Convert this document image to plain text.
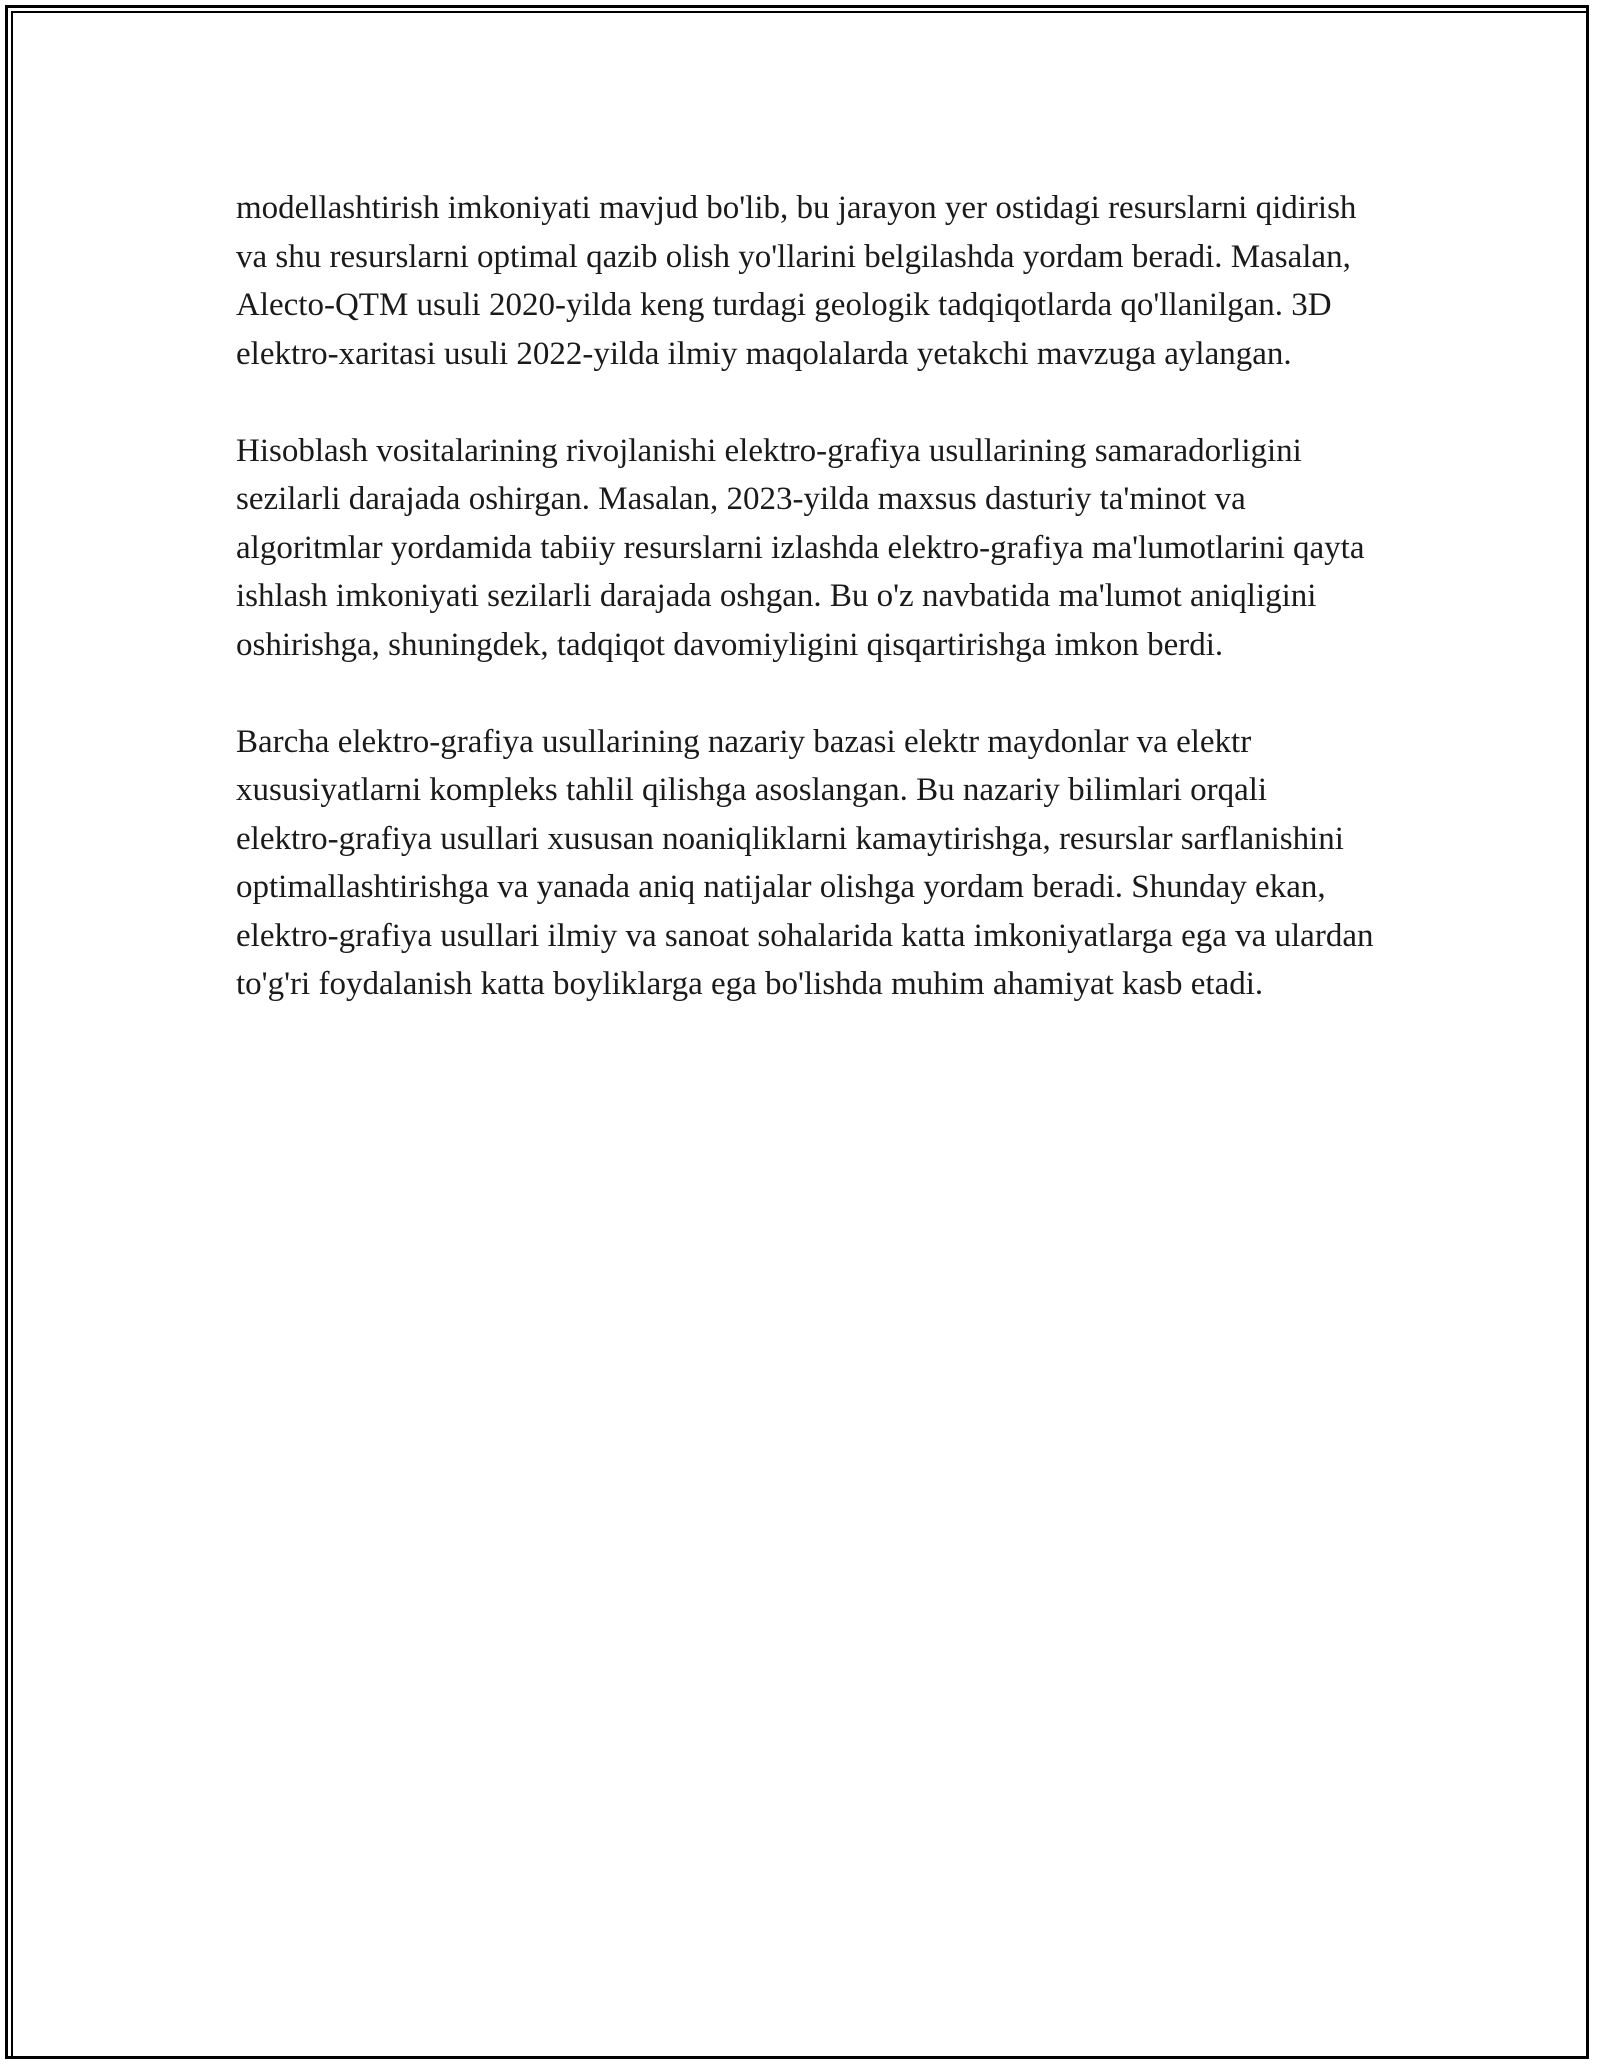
modellashtirish imkoniyati mavjud bo'lib, bu jarayon yer ostidagi resurslarni qidirish va shu resurslarni optimal qazib olish yo'llarini belgilashda yordam beradi. Masalan, Alecto-QTM usuli 2020-yilda keng turdagi geologik tadqiqotlarda qo'llanilgan. 3D elektro-xaritasi usuli 2022-yilda ilmiy maqolalarda yetakchi mavzuga aylangan.

Hisoblash vositalarining rivojlanishi elektro-grafiya usullarining samaradorligini sezilarli darajada oshirgan. Masalan, 2023-yilda maxsus dasturiy ta'minot va algoritmlar yordamida tabiiy resurslarni izlashda elektro-grafiya ma'lumotlarini qayta ishlash imkoniyati sezilarli darajada oshgan. Bu o'z navbatida ma'lumot aniqligini oshirishga, shuningdek, tadqiqot davomiyligini qisqartirishga imkon berdi.

Barcha elektro-grafiya usullarining nazariy bazasi elektr maydonlar va elektr xususiyatlarni kompleks tahlil qilishga asoslangan. Bu nazariy bilimlari orqali elektro-grafiya usullari xususan noaniqliklarni kamaytirishga, resurslar sarflanishini optimallashtirishga va yanada aniq natijalar olishga yordam beradi. Shunday ekan, elektro-grafiya usullari ilmiy va sanoat sohalarida katta imkoniyatlarga ega va ulardan to'g'ri foydalanish katta boyliklarga ega bo'lishda muhim ahamiyat kasb etadi.
